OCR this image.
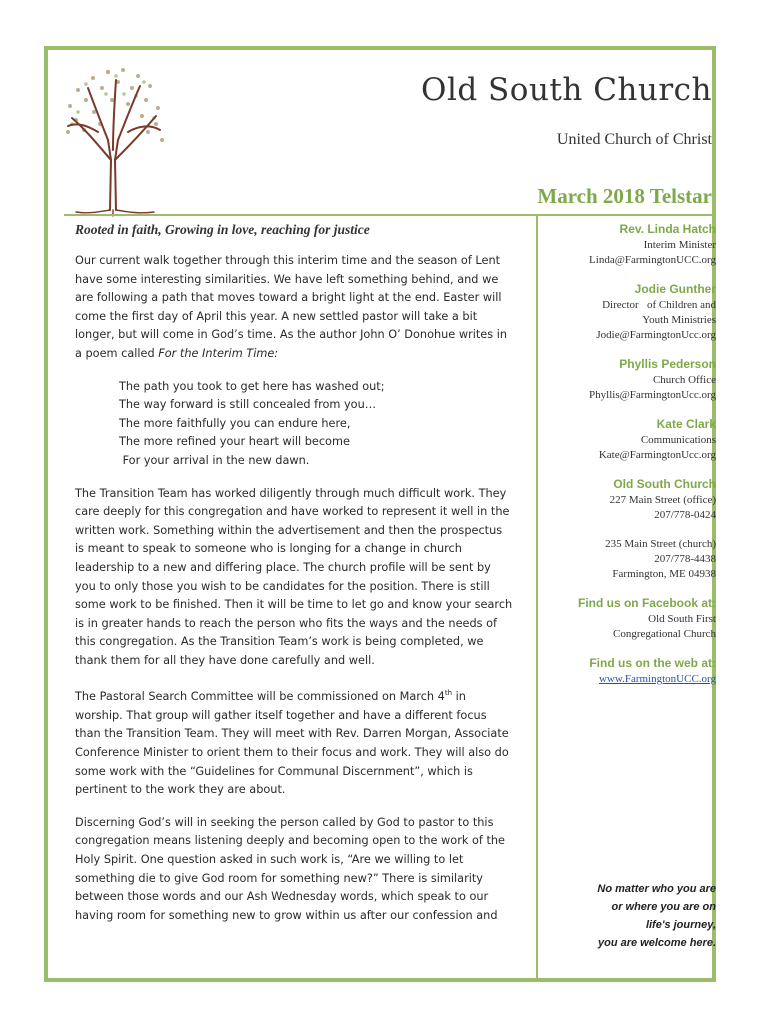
Old South Church
United Church of Christ
March 2018 Telstar
Rooted in faith, Growing in love, reaching for justice

Our current walk together through this interim time and the season of Lent have some interesting similarities. We have left something behind, and we are following a path that moves toward a bright light at the end. Easter will come the first day of April this year. A new settled pastor will take a bit longer, but will come in God’s time. As the author John O’ Donohue writes in a poem called For the Interim Time:

The path you took to get here has washed out;
The way forward is still concealed from you…
The more faithfully you can endure here,
The more refined your heart will become
For your arrival in the new dawn.

The Transition Team has worked diligently through much difficult work. They care deeply for this congregation and have worked to represent it well in the written work. Something within the advertisement and then the prospectus is meant to speak to someone who is longing for a change in church leadership to a new and differing place. The church profile will be sent by you to only those you wish to be candidates for the position. There is still some work to be finished. Then it will be time to let go and know your search is in greater hands to reach the person who fits the ways and the needs of this congregation. As the Transition Team’s work is being completed, we thank them for all they have done carefully and well.

The Pastoral Search Committee will be commissioned on March 4th in worship. That group will gather itself together and have a different focus than the Transition Team. They will meet with Rev. Darren Morgan, Associate Conference Minister to orient them to their focus and work. They will also do some work with the “Guidelines for Communal Discernment”, which is pertinent to the work they are about.

Discerning God’s will in seeking the person called by God to pastor to this congregation means listening deeply and becoming open to the work of the Holy Spirit. One question asked in such work is, “Are we willing to let something die to give God room for something new?” There is similarity between those words and our Ash Wednesday words, which speak to our having room for something new to grow within us after our confession and

Rev. Linda Hatch
Interim Minister
Linda@FarmingtonUCC.org
Jodie Gunther
Director   of Children and
Youth Ministries
Jodie@FarmingtonUcc.org
Phyllis Pederson
Church Office
Phyllis@FarmingtonUcc.org
Kate Clark
Communications
Kate@FarmingtonUcc.org
Old South Church
227 Main Street (office)
207/778-0424
235 Main Street (church)
207/778-4438
Farmington, ME 04938
Find us on Facebook at:
Old South First
Congregational Church
Find us on the web at:
www.FarmingtonUCC.org
No matter who you are
or where you are on
life's journey,
you are welcome here.
